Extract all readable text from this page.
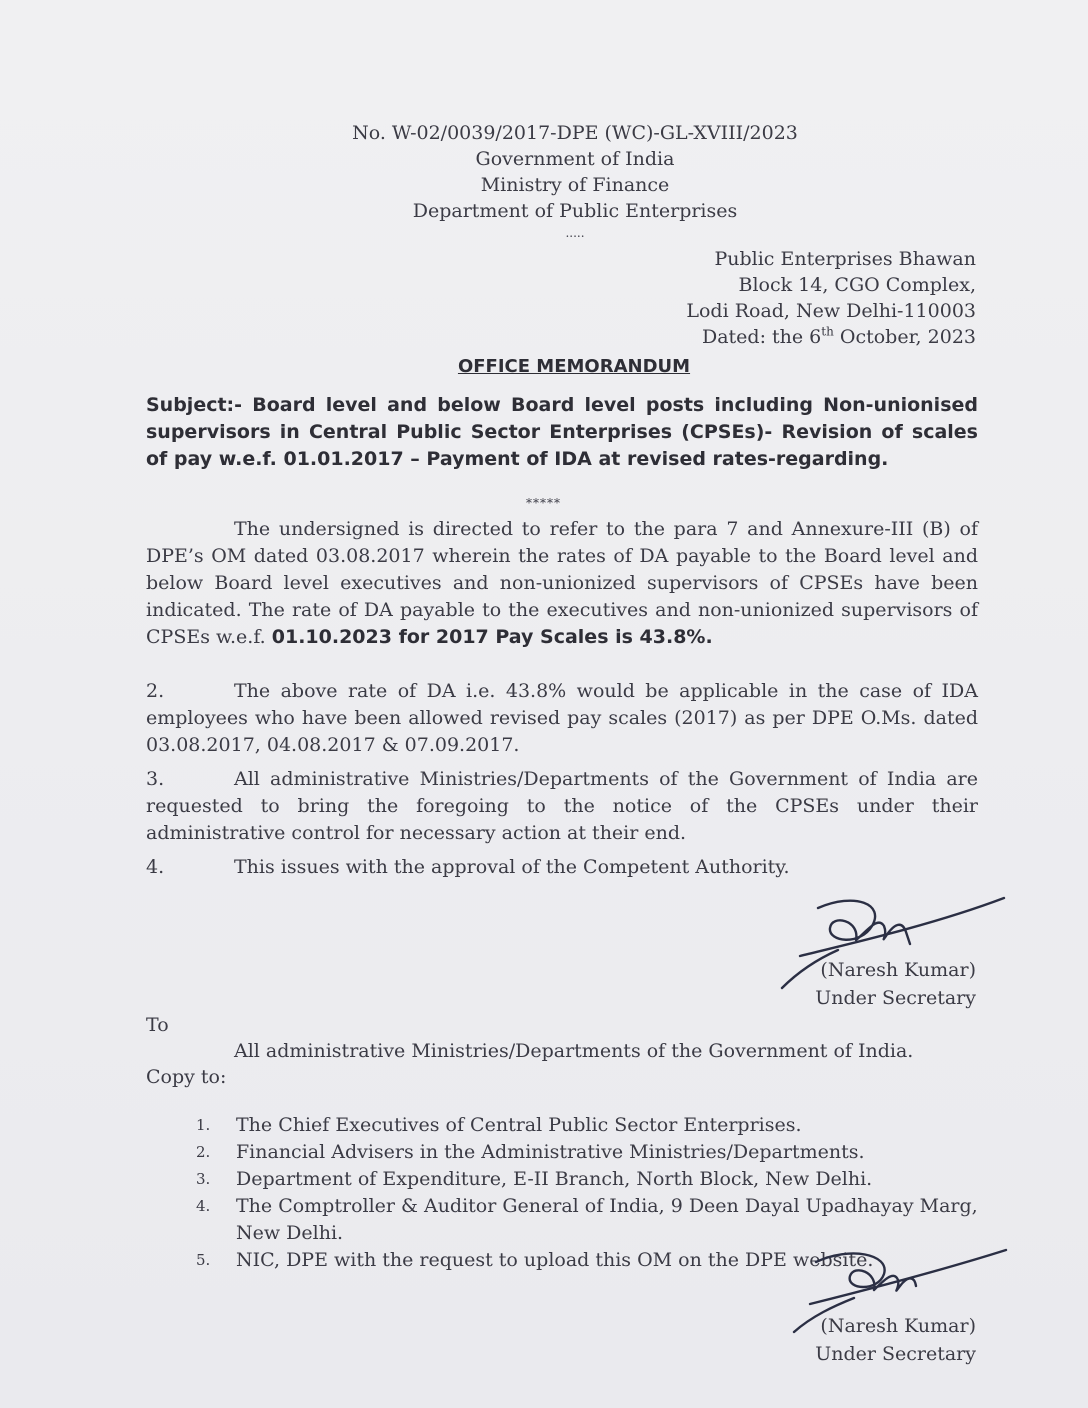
No. W-02/0039/2017-DPE (WC)-GL-XVIII/2023
Government of India
Ministry of Finance
Department of Public Enterprises
.....
Public Enterprises Bhawan
Block 14, CGO Complex,
Lodi Road, New Delhi-110003
Dated: the 6th October, 2023
OFFICE MEMORANDUM
Subject:- Board level and below Board level posts including Non-unionised supervisors in Central Public Sector Enterprises (CPSEs)- Revision of scales of pay w.e.f. 01.01.2017 – Payment of IDA at revised rates-regarding.
*****
The undersigned is directed to refer to the para 7 and Annexure-III (B) of DPE’s OM dated 03.08.2017 wherein the rates of DA payable to the Board level and below Board level executives and non-unionized supervisors of CPSEs have been indicated. The rate of DA payable to the executives and non-unionized supervisors of CPSEs w.e.f. 01.10.2023 for 2017 Pay Scales is 43.8%.
2.	The above rate of DA i.e. 43.8% would be applicable in the case of IDA employees who have been allowed revised pay scales (2017) as per DPE O.Ms. dated 03.08.2017, 04.08.2017 & 07.09.2017.
3.	All administrative Ministries/Departments of the Government of India are requested to bring the foregoing to the notice of the CPSEs under their administrative control for necessary action at their end.
4.	This issues with the approval of the Competent Authority.
(Naresh Kumar)
Under Secretary
To
All administrative Ministries/Departments of the Government of India.
Copy to:
1. The Chief Executives of Central Public Sector Enterprises.
2. Financial Advisers in the Administrative Ministries/Departments.
3. Department of Expenditure, E-II Branch, North Block, New Delhi.
4. The Comptroller & Auditor General of India, 9 Deen Dayal Upadhayay Marg, New Delhi.
5. NIC, DPE with the request to upload this OM on the DPE website.
(Naresh Kumar)
Under Secretary
